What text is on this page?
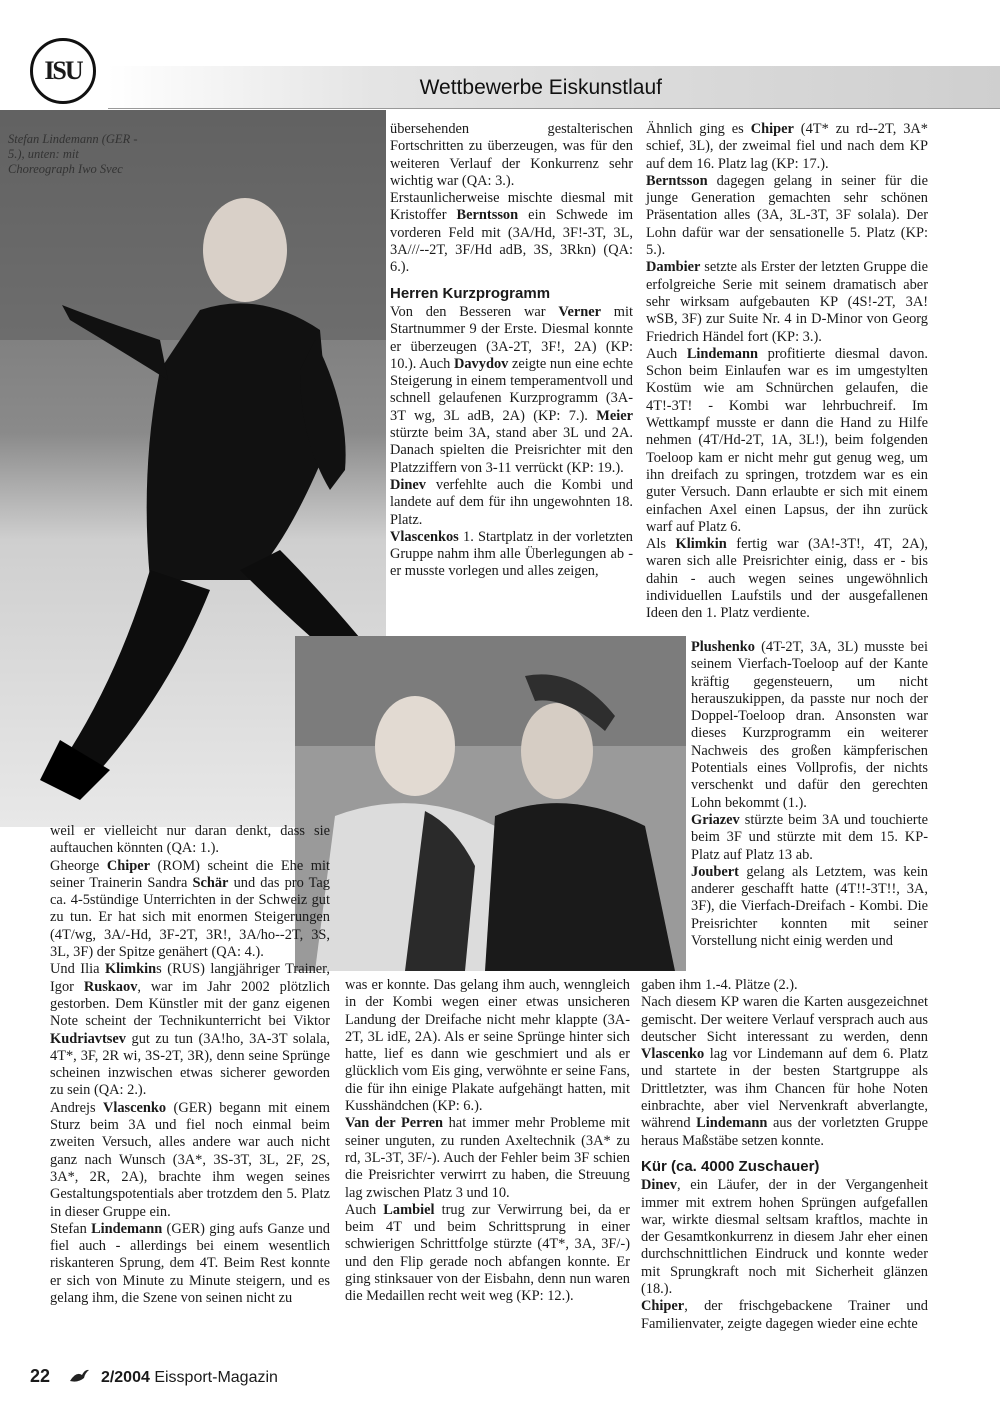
ISU
Wettbewerbe Eiskunstlauf
Stefan Lindemann (GER - 5.), unten: mit Choreograph Iwo Svec

übersehenden gestalterischen Fortschritten zu überzeugen, was für den weiteren Verlauf der Konkurrenz sehr wichtig war (QA: 3.).

Erstaunlicherweise mischte diesmal mit Kristoffer Berntsson ein Schwede im vorderen Feld mit (3A/Hd, 3F!-3T, 3L, 3A///--2T, 3F/Hd adB, 3S, 3Rkn) (QA: 6.).

Herren Kurzprogramm

Von den Besseren war Verner mit Startnummer 9 der Erste. Diesmal konnte er überzeugen (3A-2T, 3F!, 2A) (KP: 10.). Auch Davydov zeigte nun eine echte Steigerung in einem temperamentvoll und schnell gelaufenen Kurzprogramm (3A-3T wg, 3L adB, 2A) (KP: 7.). Meier stürzte beim 3A, stand aber 3L und 2A. Danach spielten die Preisrichter mit den Platzziffern von 3-11 verrückt (KP: 19.).

Dinev verfehlte auch die Kombi und landete auf dem für ihn ungewohnten 18. Platz.

Vlascenkos 1. Startplatz in der vorletzten Gruppe nahm ihm alle Überlegungen ab - er musste vorlegen und alles zeigen,

Ähnlich ging es Chiper (4T* zu rd--2T, 3A* schief, 3L), der zweimal fiel und nach dem KP auf dem 16. Platz lag (KP: 17.).

Berntsson dagegen gelang in seiner für die junge Generation gemachten sehr schönen Präsentation alles (3A, 3L-3T, 3F solala). Der Lohn dafür war der sensationelle 5. Platz (KP: 5.).

Dambier setzte als Erster der letzten Gruppe die erfolgreiche Serie mit seinem dramatisch aber sehr wirksam aufgebauten KP (4S!-2T, 3A! wSB, 3F) zur Suite Nr. 4 in D-Minor von Georg Friedrich Händel fort (KP: 3.).

Auch Lindemann profitierte diesmal davon. Schon beim Einlaufen war es im umgestylten Kostüm wie am Schnürchen gelaufen, die 4T!-3T! - Kombi war lehrbuchreif. Im Wettkampf musste er dann die Hand zu Hilfe nehmen (4T/Hd-2T, 1A, 3L!), beim folgenden Toeloop kam er nicht mehr gut genug weg, um ihn dreifach zu springen, trotzdem war es ein guter Versuch. Dann erlaubte er sich mit einem einfachen Axel einen Lapsus, der ihn zurück warf auf Platz 6.

Als Klimkin fertig war (3A!-3T!, 4T, 2A), waren sich alle Preisrichter einig, dass er - bis dahin - auch wegen seines ungewöhnlich individuellen Laufstils und der ausgefallenen Ideen den 1. Platz verdiente.

Plushenko (4T-2T, 3A, 3L) musste bei seinem Vierfach-Toeloop auf der Kante kräftig gegensteuern, um nicht herauszukippen, da passte nur noch der Doppel-Toeloop dran. Ansonsten war dieses Kurzprogramm ein weiterer Nachweis des großen kämpferischen Potentials eines Vollprofis, der nichts verschenkt und dafür den gerechten Lohn bekommt (1.).

Griazev stürzte beim 3A und touchierte beim 3F und stürzte mit dem 15. KP-Platz auf Platz 13 ab.

Joubert gelang als Letztem, was kein anderer geschafft hatte (4T!!-3T!!, 3A, 3F), die Vierfach-Dreifach - Kombi. Die Preisrichter konnten mit seiner Vorstellung nicht einig werden und

gaben ihm 1.-4. Plätze (2.).

Nach diesem KP waren die Karten ausgezeichnet gemischt. Der weitere Verlauf versprach auch aus deutscher Sicht interessant zu werden, denn Vlascenko lag vor Lindemann auf dem 6. Platz und startete in der besten Startgruppe als Drittletzter, was ihm Chancen für hohe Noten einbrachte, aber viel Nervenkraft abverlangte, während Lindemann aus der vorletzten Gruppe heraus Maßstäbe setzen konnte.

Kür (ca. 4000 Zuschauer)

Dinev, ein Läufer, der in der Vergangenheit immer mit extrem hohen Sprüngen aufgefallen war, wirkte diesmal seltsam kraftlos, machte in der Gesamtkonkurrenz in diesem Jahr eher einen durchschnittlichen Eindruck und konnte weder mit Sprungkraft noch mit Sicherheit glänzen (18.).

Chiper, der frischgebackene Trainer und Familienvater, zeigte dagegen wieder eine echte

weil er vielleicht nur daran denkt, dass sie auftauchen könnten (QA: 1.).

Gheorge Chiper (ROM) scheint die Ehe mit seiner Trainerin Sandra Schär und das pro Tag ca. 4-5stündige Unterrichten in der Schweiz gut zu tun. Er hat sich mit enormen Steigerungen (4T/wg, 3A/-Hd, 3F-2T, 3R!, 3A/ho--2T, 3S, 3L, 3F) der Spitze genähert (QA: 4.).

Und Ilia Klimkins (RUS) langjähriger Trainer, Igor Ruskaov, war im Jahr 2002 plötzlich gestorben. Dem Künstler mit der ganz eigenen Note scheint der Technikunterricht bei Viktor Kudriavtsev gut zu tun (3A!ho, 3A-3T solala, 4T*, 3F, 2R wi, 3S-2T, 3R), denn seine Sprünge scheinen inzwischen etwas sicherer geworden zu sein (QA: 2.).

Andrejs Vlascenko (GER) begann mit einem Sturz beim 3A und fiel noch einmal beim zweiten Versuch, alles andere war auch nicht ganz nach Wunsch (3A*, 3S-3T, 3L, 2F, 2S, 3A*, 2R, 2A), brachte ihm wegen seines Gestaltungspotentials aber trotzdem den 5. Platz in dieser Gruppe ein.

Stefan Lindemann (GER) ging aufs Ganze und fiel auch - allerdings bei einem wesentlich riskanteren Sprung, dem 4T. Beim Rest konnte er sich von Minute zu Minute steigern, und es gelang ihm, die Szene von seinen nicht zu

was er konnte. Das gelang ihm auch, wenngleich in der Kombi wegen einer etwas unsicheren Landung der Dreifache nicht mehr klappte (3A-2T, 3L idE, 2A). Als er seine Sprünge hinter sich hatte, lief es dann wie geschmiert und als er glücklich vom Eis ging, verwöhnte er seine Fans, die für ihn einige Plakate aufgehängt hatten, mit Kusshändchen (KP: 6.).

Van der Perren hat immer mehr Probleme mit seiner unguten, zu runden Axeltechnik (3A* zu rd, 3L-3T, 3F/-). Auch der Fehler beim 3F schien die Preisrichter verwirrt zu haben, die Streuung lag zwischen Platz 3 und 10.

Auch Lambiel trug zur Verwirrung bei, da er beim 4T und beim Schrittsprung in einer schwierigen Schrittfolge stürzte (4T*, 3A, 3F/-) und den Flip gerade noch abfangen konnte. Er ging stinksauer von der Eisbahn, denn nun waren die Medaillen recht weit weg (KP: 12.).

22	2/2004 Eissport-Magazin
